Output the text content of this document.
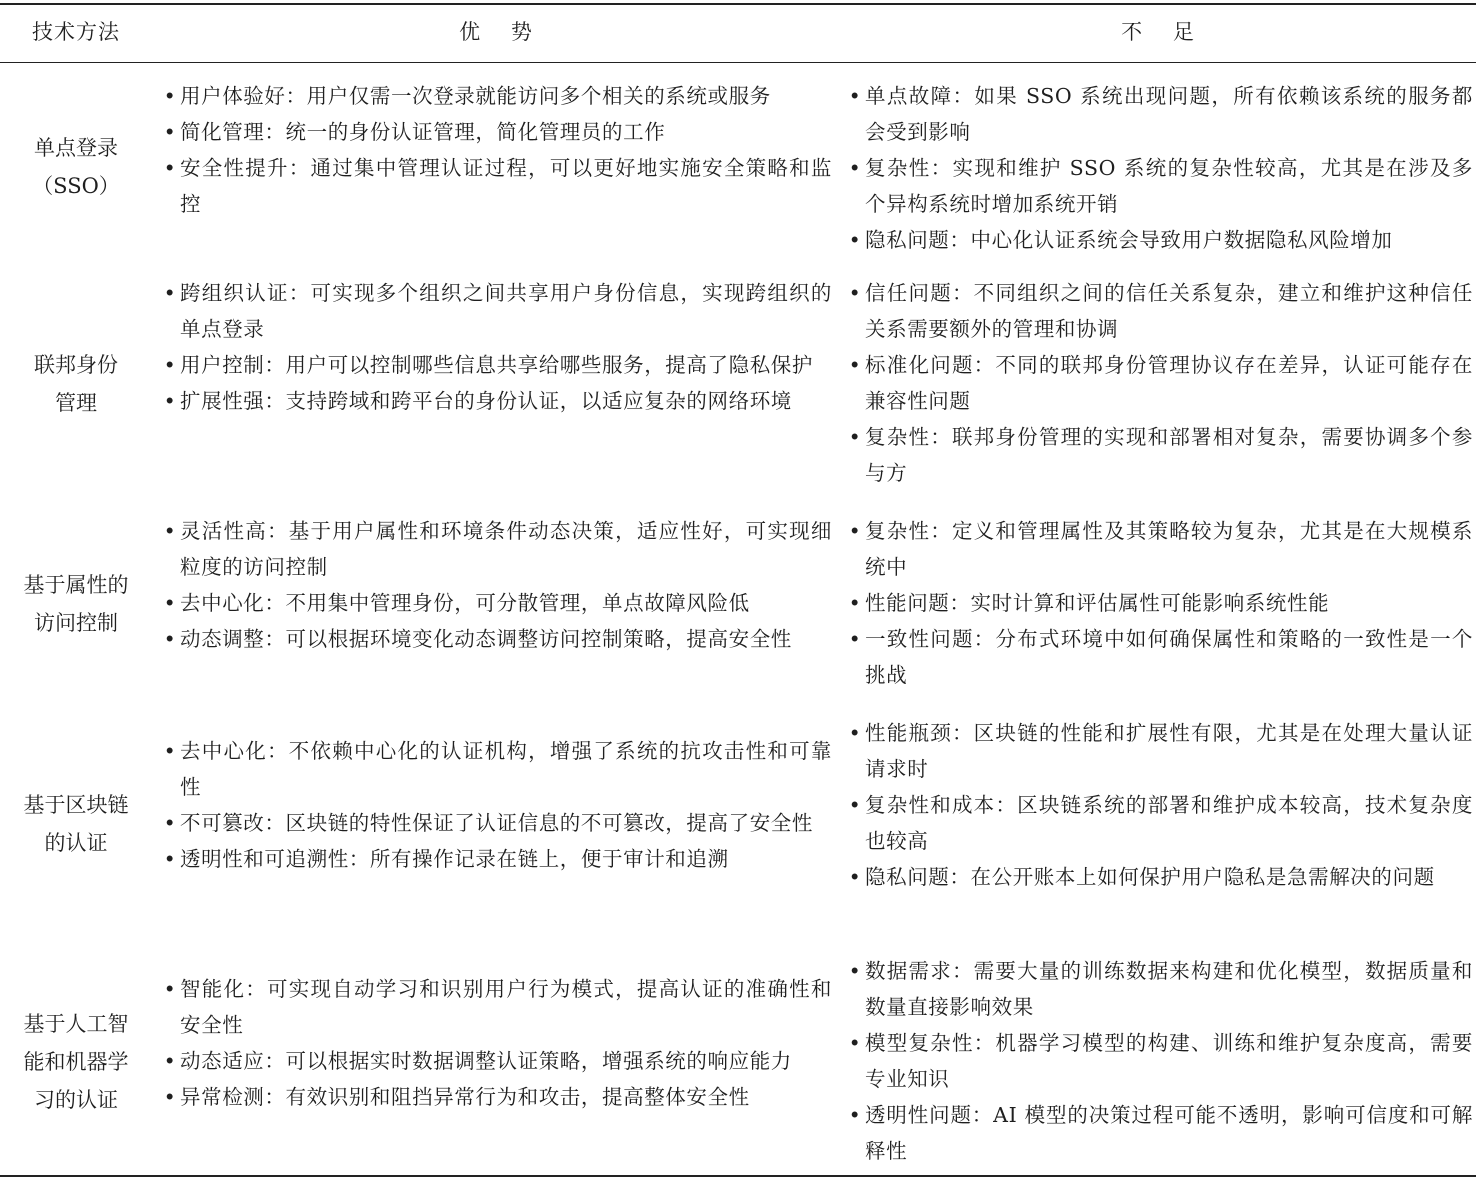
技术方法	优 势	不 足
单点登录
（SSO）
• 用户体验好：用户仅需一次登录就能访问多个相关的系统或服务
• 简化管理：统一的身份认证管理，简化管理员的工作
• 安全性提升：通过集中管理认证过程，可以更好地实施安全策略和监控
• 单点故障：如果 SSO 系统出现问题，所有依赖该系统的服务都会受到影响
• 复杂性：实现和维护 SSO 系统的复杂性较高，尤其是在涉及多个异构系统时增加系统开销
• 隐私问题：中心化认证系统会导致用户数据隐私风险增加
联邦身份
管理
• 跨组织认证：可实现多个组织之间共享用户身份信息，实现跨组织的单点登录
• 用户控制：用户可以控制哪些信息共享给哪些服务，提高了隐私保护
• 扩展性强：支持跨域和跨平台的身份认证，以适应复杂的网络环境
• 信任问题：不同组织之间的信任关系复杂，建立和维护这种信任关系需要额外的管理和协调
• 标准化问题：不同的联邦身份管理协议存在差异，认证可能存在兼容性问题
• 复杂性：联邦身份管理的实现和部署相对复杂，需要协调多个参与方
基于属性的
访问控制
• 灵活性高：基于用户属性和环境条件动态决策，适应性好，可实现细粒度的访问控制
• 去中心化：不用集中管理身份，可分散管理，单点故障风险低
• 动态调整：可以根据环境变化动态调整访问控制策略，提高安全性
• 复杂性：定义和管理属性及其策略较为复杂，尤其是在大规模系统中
• 性能问题：实时计算和评估属性可能影响系统性能
• 一致性问题：分布式环境中如何确保属性和策略的一致性是一个挑战
基于区块链
的认证
• 去中心化：不依赖中心化的认证机构，增强了系统的抗攻击性和可靠性
• 不可篡改：区块链的特性保证了认证信息的不可篡改，提高了安全性
• 透明性和可追溯性：所有操作记录在链上，便于审计和追溯
• 性能瓶颈：区块链的性能和扩展性有限，尤其是在处理大量认证请求时
• 复杂性和成本：区块链系统的部署和维护成本较高，技术复杂度也较高
• 隐私问题：在公开账本上如何保护用户隐私是急需解决的问题
基于人工智
能和机器学
习的认证
• 智能化：可实现自动学习和识别用户行为模式，提高认证的准确性和安全性
• 动态适应：可以根据实时数据调整认证策略，增强系统的响应能力
• 异常检测：有效识别和阻挡异常行为和攻击，提高整体安全性
• 数据需求：需要大量的训练数据来构建和优化模型，数据质量和数量直接影响效果
• 模型复杂性：机器学习模型的构建、训练和维护复杂度高，需要专业知识
• 透明性问题：AI 模型的决策过程可能不透明，影响可信度和可解释性
